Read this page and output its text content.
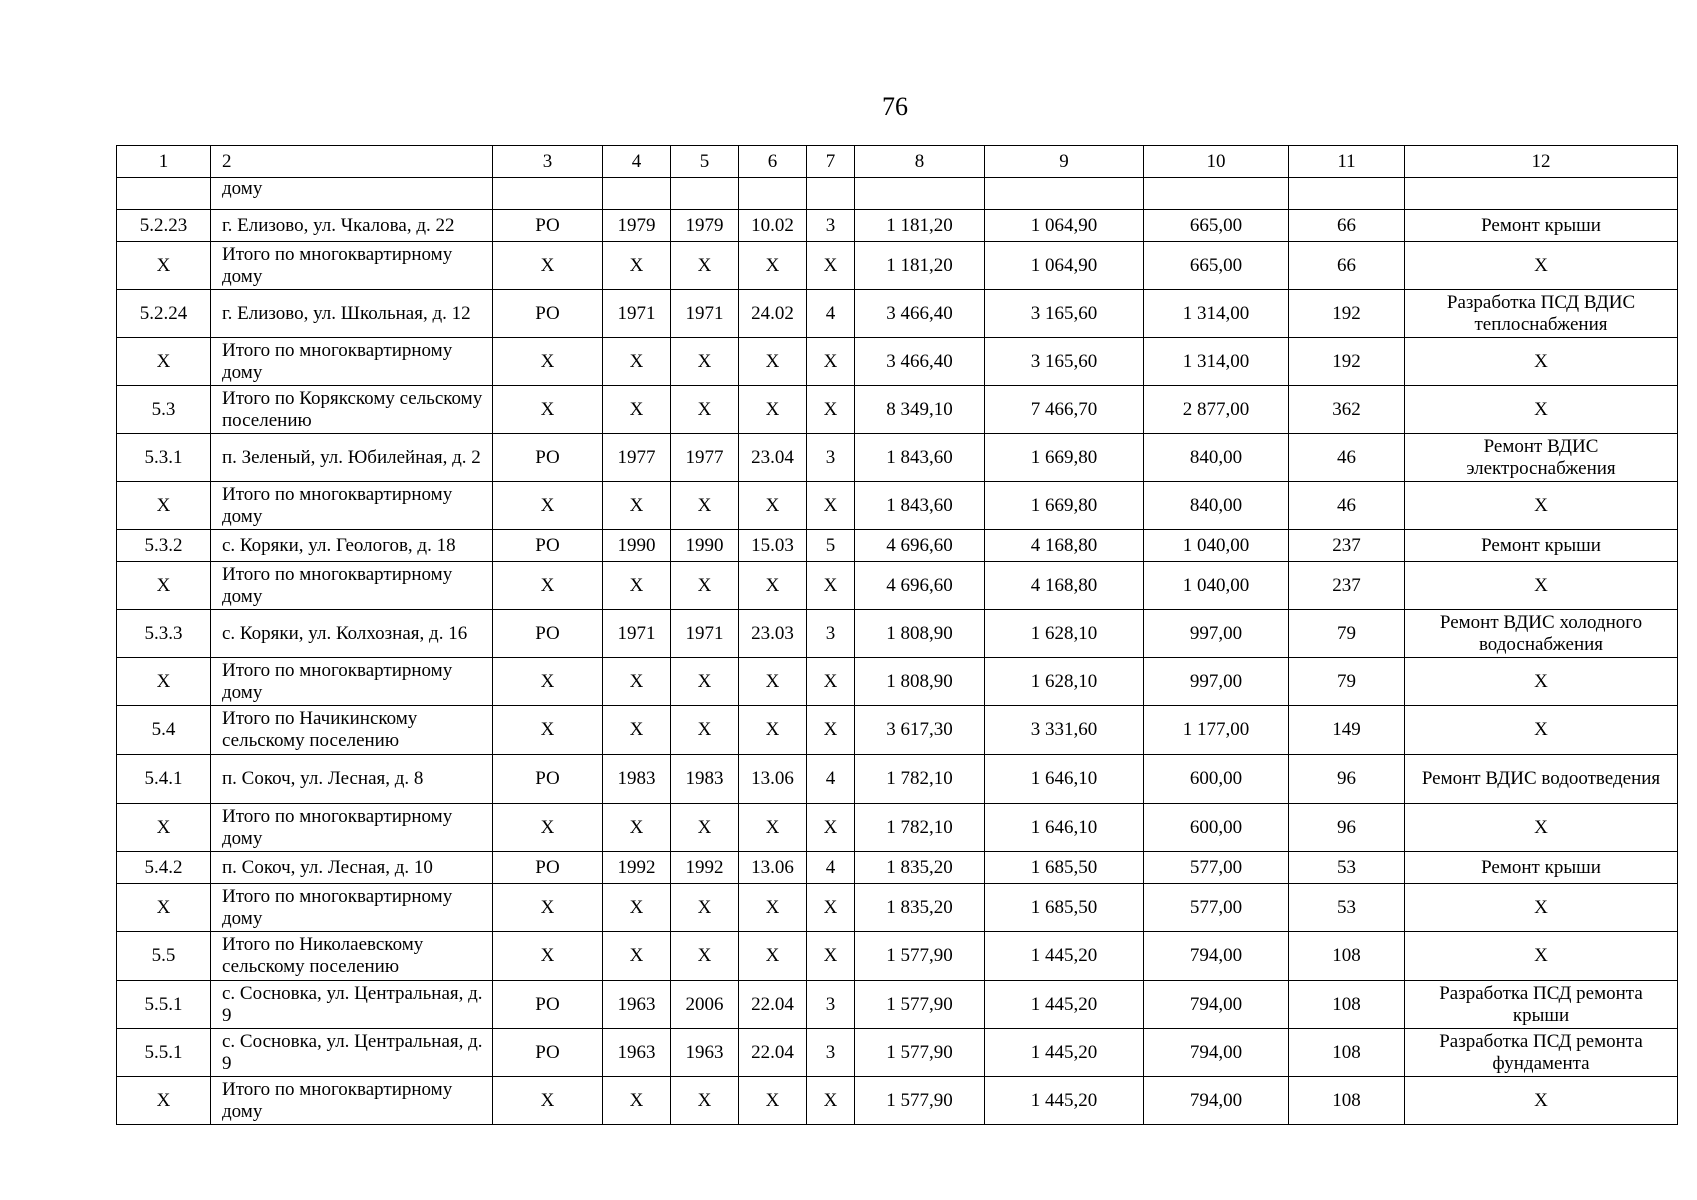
76
1	2	3	4	5	6	7	8	9	10	11	12
	дому										
5.2.23	г. Елизово, ул. Чкалова, д. 22	РО	1979	1979	10.02	3	1 181,20	1 064,90	665,00	66	Ремонт крыши
X	Итого по многоквартирному дому	X	X	X	X	X	1 181,20	1 064,90	665,00	66	X
5.2.24	г. Елизово, ул. Школьная, д. 12	РО	1971	1971	24.02	4	3 466,40	3 165,60	1 314,00	192	Разработка ПСД ВДИС теплоснабжения
X	Итого по многоквартирному дому	X	X	X	X	X	3 466,40	3 165,60	1 314,00	192	X
5.3	Итого по Корякскому сельскому поселению	X	X	X	X	X	8 349,10	7 466,70	2 877,00	362	X
5.3.1	п. Зеленый, ул. Юбилейная, д. 2	РО	1977	1977	23.04	3	1 843,60	1 669,80	840,00	46	Ремонт ВДИС электроснабжения
X	Итого по многоквартирному дому	X	X	X	X	X	1 843,60	1 669,80	840,00	46	X
5.3.2	с. Коряки, ул. Геологов, д. 18	РО	1990	1990	15.03	5	4 696,60	4 168,80	1 040,00	237	Ремонт крыши
X	Итого по многоквартирному дому	X	X	X	X	X	4 696,60	4 168,80	1 040,00	237	X
5.3.3	с. Коряки, ул. Колхозная, д. 16	РО	1971	1971	23.03	3	1 808,90	1 628,10	997,00	79	Ремонт ВДИС холодного водоснабжения
X	Итого по многоквартирному дому	X	X	X	X	X	1 808,90	1 628,10	997,00	79	X
5.4	Итого по Начикинскому сельскому поселению	X	X	X	X	X	3 617,30	3 331,60	1 177,00	149	X
5.4.1	п. Сокоч, ул. Лесная, д. 8	РО	1983	1983	13.06	4	1 782,10	1 646,10	600,00	96	Ремонт ВДИС водоотведения
X	Итого по многоквартирному дому	X	X	X	X	X	1 782,10	1 646,10	600,00	96	X
5.4.2	п. Сокоч, ул. Лесная, д. 10	РО	1992	1992	13.06	4	1 835,20	1 685,50	577,00	53	Ремонт крыши
X	Итого по многоквартирному дому	X	X	X	X	X	1 835,20	1 685,50	577,00	53	X
5.5	Итого по Николаевскому сельскому поселению	X	X	X	X	X	1 577,90	1 445,20	794,00	108	X
5.5.1	с. Сосновка, ул. Центральная, д. 9	РО	1963	2006	22.04	3	1 577,90	1 445,20	794,00	108	Разработка ПСД ремонта крыши
5.5.1	с. Сосновка, ул. Центральная, д. 9	РО	1963	1963	22.04	3	1 577,90	1 445,20	794,00	108	Разработка ПСД ремонта фундамента
X	Итого по многоквартирному дому	X	X	X	X	X	1 577,90	1 445,20	794,00	108	X
